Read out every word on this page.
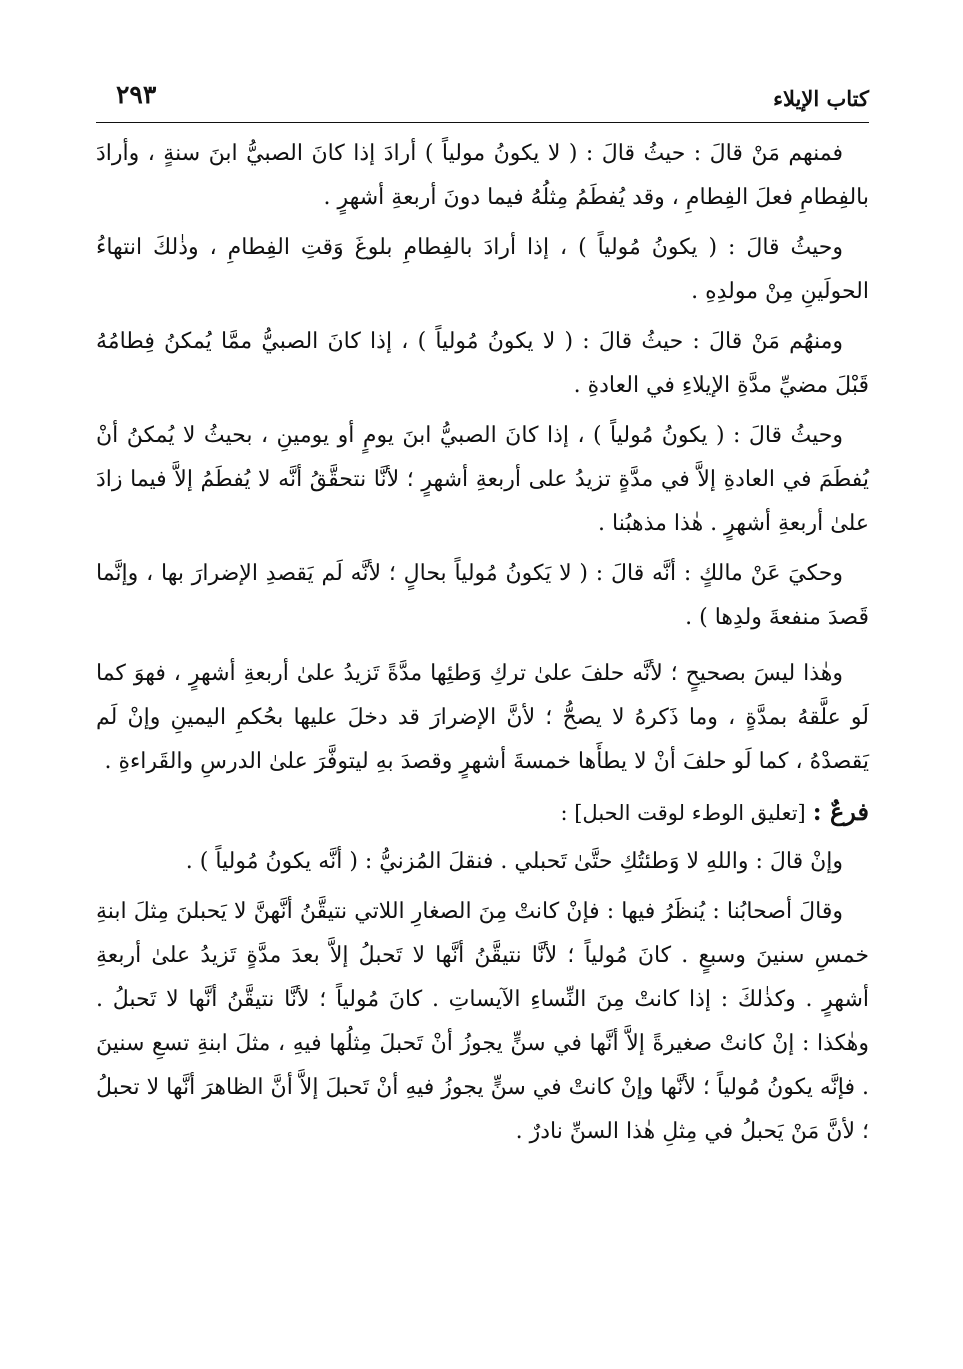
كتاب الإيلاء
٢٩٣

فمنهم مَنْ قالَ : حيثُ قالَ : ( لا يكونُ مولياً ) أرادَ إذا كانَ الصبيُّ ابنَ سنةٍ ، وأرادَ بالفِطامِ فعلَ الفِطامِ ، وقد يُفطَمُ مِثلُهُ فيما دونَ أربعةِ أشهرٍ .

وحيثُ قالَ : ( يكونُ مُولياً ) ، إذا أرادَ بالفِطامِ بلوغَ وَقتِ الفِطامِ ، وذٰلكَ انتهاءُ الحولَينِ مِنْ مولدِهِ .

ومنهُم مَنْ قالَ : حيثُ قالَ : ( لا يكونُ مُولياً ) ، إذا كانَ الصبيُّ ممَّا يُمكنُ فِطامُهُ قَبْلَ مضيِّ مدَّةِ الإيلاءِ في العادةِ .

وحيثُ قالَ : ( يكونُ مُولياً ) ، إذا كانَ الصبيُّ ابنَ يومٍ أو يومينِ ، بحيثُ لا يُمكنُ أنْ يُفطَمَ في العادةِ إلاَّ في مدَّةٍ تزيدُ على أربعةِ أشهرٍ ؛ لأنَّا نتحقَّقُ أنَّه لا يُفطَمُ إلاَّ فيما زادَ علىٰ أربعةِ أشهرٍ . هٰذا مذهبُنا .

وحكيَ عَنْ مالكٍ : أنَّه قالَ : ( لا يَكونُ مُولياً بحالٍ ؛ لأنَّه لَم يَقصدِ الإضرارَ بها ، وإنَّما قَصدَ منفعةَ ولدِها ) .

وهٰذا ليسَ بصحيحٍ ؛ لأنَّه حلفَ علىٰ تركِ وَطئِها مدَّةً تَزيدُ علىٰ أربعةِ أشهرٍ ، فهوَ كما لَو علَّقهُ بمدَّةٍ ، وما ذَكرهُ لا يصحُّ ؛ لأنَّ الإضرارَ قد دخلَ عليها بحُكمِ اليمينِ وإنْ لَم يَقصدْهُ ، كما لَو حلفَ أنْ لا يطأَها خمسةَ أشهرٍ وقصدَ بهِ ليتوفَّرَ علىٰ الدرسِ والقَراءةِ .

فرعٌ : [تعليق الوطء لوقت الحبل] :

وإنْ قالَ : واللهِ لا وَطئتُكِ حتَّىٰ تَحبلي . فنقلَ المُزنيُّ : ( أنَّه يكونُ مُولياً ) .

وقالَ أصحابُنا : يُنظَرُ فيها : فإنْ كانتْ مِنَ الصغارِ اللاتي نتيقَّنُ أنَّهنَّ لا يَحبلنَ مِثلَ ابنةِ خمسِ سنينَ وسبعٍ . كانَ مُولياً ؛ لأنَّا نتيقَّنُ أنَّها لا تَحبلُ إلاَّ بعدَ مدَّةٍ تَزيدُ علىٰ أربعةِ أشهرٍ . وكذٰلكَ : إذا كانتْ مِنَ النِّساءِ الآيساتِ . كانَ مُولياً ؛ لأنَّا نتيقَّنُ أنَّها لا تَحبلُ . وهٰكذا : إنْ كانتْ صغيرةً إلاَّ أنَّها في سنٍّ يجوزُ أنْ تَحبلَ مِثلُها فيهِ ، مثلَ ابنةِ تسعِ سنينَ . فإنَّه يكونُ مُولياً ؛ لأنَّها وإنْ كانتْ في سنٍّ يجوزُ فيهِ أنْ تَحبلَ إلاَّ أنَّ الظاهرَ أنَّها لا تحبلُ ؛ لأنَّ مَنْ يَحبلُ في مِثلِ هٰذا السنِّ نادرٌ .
